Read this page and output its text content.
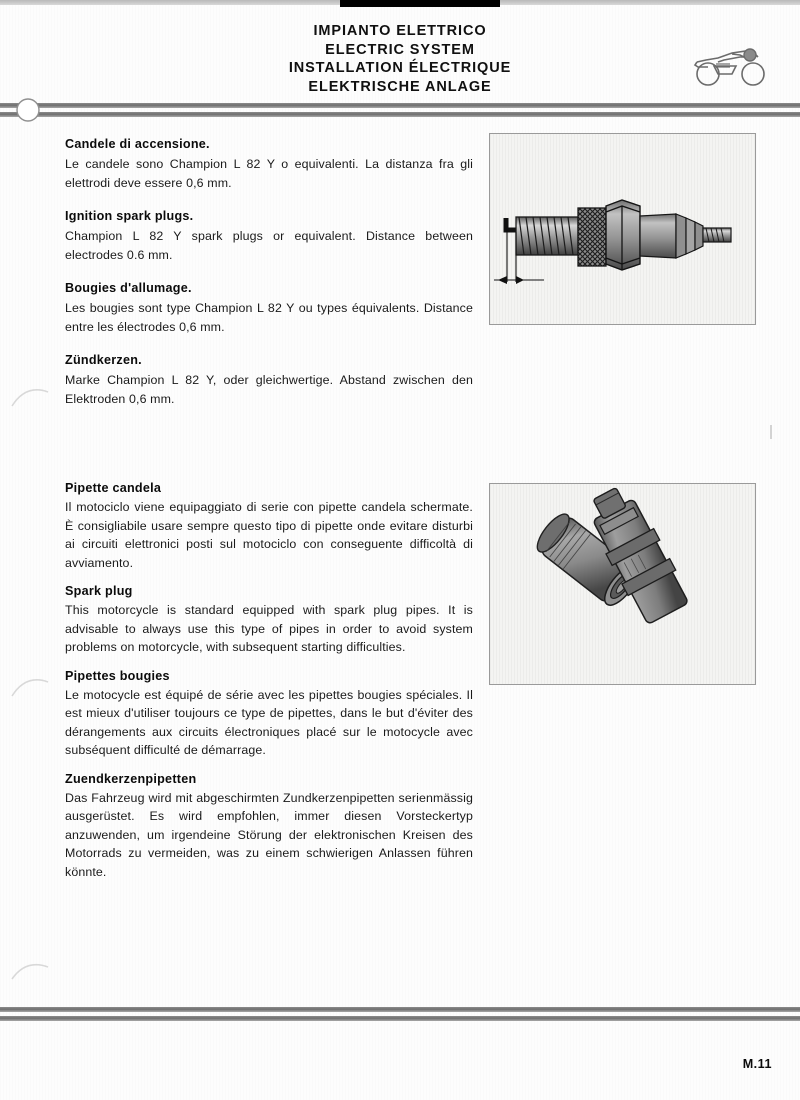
IMPIANTO ELETTRICO
ELECTRIC SYSTEM
INSTALLATION ÉLECTRIQUE
ELEKTRISCHE ANLAGE

Candele di accensione.

Le candele sono Champion L 82 Y o equivalenti. La distanza fra gli elettrodi deve essere 0,6 mm.

Ignition spark plugs.

Champion L 82 Y spark plugs or equivalent. Distance between electrodes 0.6 mm.

Bougies d'allumage.

Les bougies sont type Champion L 82 Y ou types équivalents. Distance entre les électrodes 0,6 mm.

Zündkerzen.

Marke Champion L 82 Y, oder gleichwertige. Abstand zwischen den Elektroden 0,6 mm.

Pipette candela

Il motociclo viene equipaggiato di serie con pipette candela schermate. È consigliabile usare sempre questo tipo di pipette onde evitare disturbi ai circuiti elettronici posti sul motociclo con conseguente difficoltà di avviamento.

Spark plug

This motorcycle is standard equipped with spark plug pipes. It is advisable to always use this type of pipes in order to avoid system problems on motorcycle, with subsequent starting difficulties.

Pipettes bougies

Le motocycle est équipé de série avec les pipettes bougies spéciales. Il est mieux d'utiliser toujours ce type de pipettes, dans le but d'éviter des dérangements aux circuits électroniques placé sur le motocycle avec subséquent difficulté de démarrage.

Zuendkerzenpipetten

Das Fahrzeug wird mit abgeschirmten Zundkerzenpipetten serienmässig ausgerüstet. Es wird empfohlen, immer diesen Vorsteckertyp anzuwenden, um irgendeine Störung der elektronischen Kreisen des Motorrads zu vermeiden, was zu einem schwierigen Anlassen führen könnte.

M.11
